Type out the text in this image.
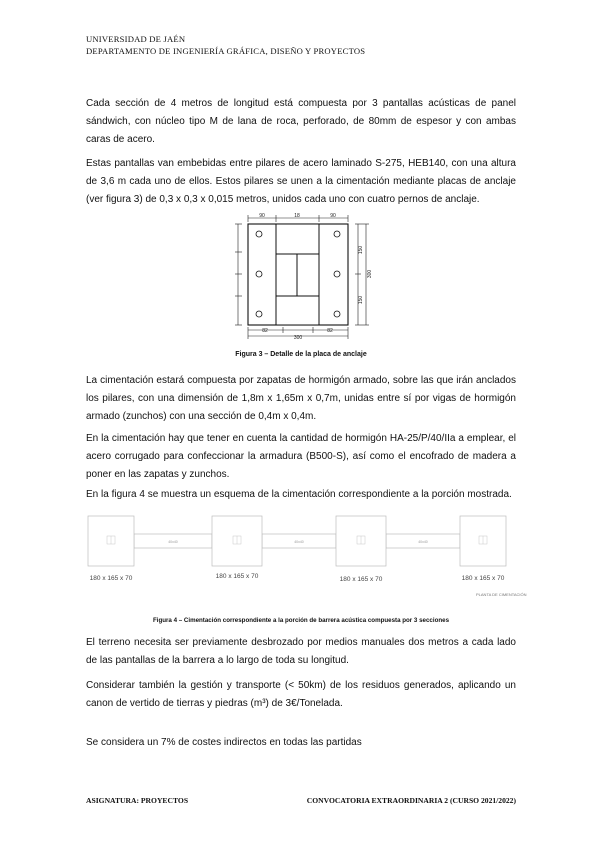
UNIVERSIDAD DE JAÉN
DEPARTAMENTO DE INGENIERÍA GRÁFICA, DISEÑO Y PROYECTOS
Cada sección de 4 metros de longitud está compuesta por 3 pantallas acústicas de panel sándwich, con núcleo tipo M de lana de roca, perforado, de 80mm de espesor y con ambas caras de acero.
Estas pantallas van embebidas entre pilares de acero laminado S-275, HEB140, con una altura de 3,6 m cada uno de ellos. Estos pilares se unen a la cimentación mediante placas de anclaje (ver figura 3) de 0,3 x 0,3 x 0,015 metros, unidos cada uno con cuatro pernos de anclaje.
90	18	90
150
150
300
82	82
300
Figura 3 – Detalle de la placa de anclaje
La cimentación estará compuesta por zapatas de hormigón armado, sobre las que irán anclados los pilares, con una dimensión de 1,8m x 1,65m x 0,7m, unidas entre sí por vigas de hormigón armado (zunchos) con una sección de 0,4m x 0,4m.
En la cimentación hay que tener en cuenta la cantidad de hormigón HA-25/P/40/IIa a emplear, el acero corrugado para confeccionar la armadura (B500-S), así como el encofrado de madera a poner en las zapatas y zunchos.
En la figura 4 se muestra un esquema de la cimentación correspondiente a la porción mostrada.
40x40	40x40	40x40
180 x 165 x 70	180 x 165 x 70	180 x 165 x 70	180 x 165 x 70
PLANTA DE CIMENTACIÓN
Figura 4 – Cimentación correspondiente a la porción de barrera acústica compuesta por 3 secciones
El terreno necesita ser previamente desbrozado por medios manuales dos metros a cada lado de las pantallas de la barrera a lo largo de toda su longitud.
Considerar también la gestión y transporte (< 50km) de los residuos generados, aplicando un canon de vertido de tierras y piedras (m³) de 3€/Tonelada.
Se considera un 7% de costes indirectos en todas las partidas
ASIGNATURA: PROYECTOS	CONVOCATORIA EXTRAORDINARIA 2 (CURSO 2021/2022)
